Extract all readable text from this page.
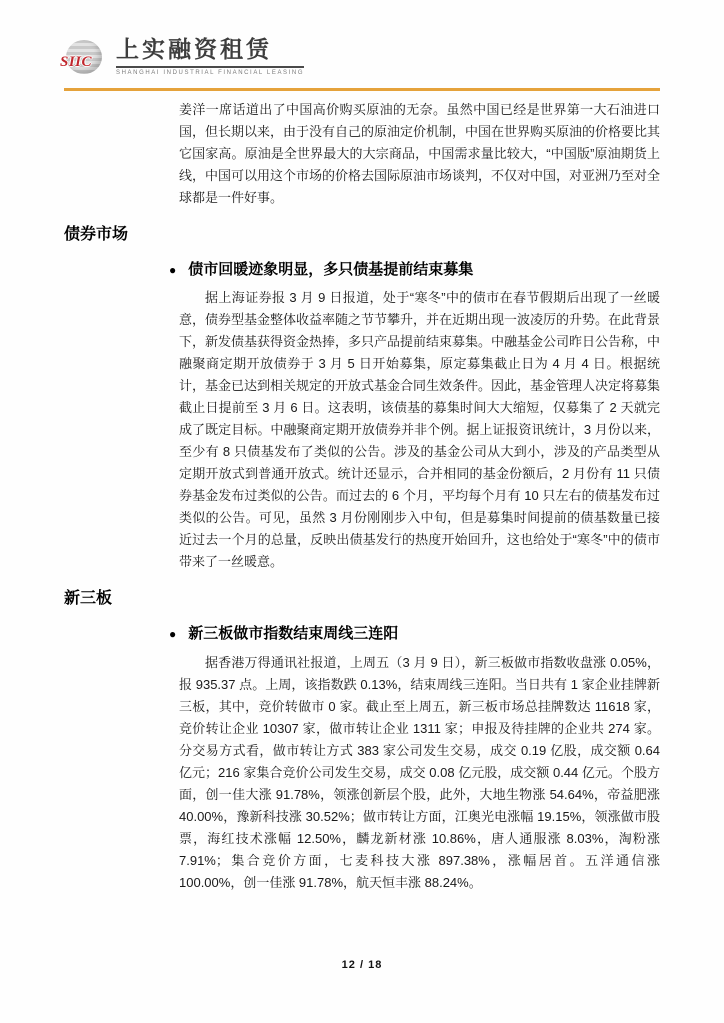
SIIC 上实融资租赁
SHANGHAI INDUSTRIAL FINANCIAL LEASING

姜洋一席话道出了中国高价购买原油的无奈。虽然中国已经是世界第一大石油进口国，但长期以来，由于没有自己的原油定价机制，中国在世界购买原油的价格要比其它国家高。原油是全世界最大的大宗商品，中国需求量比较大，“中国版”原油期货上线，中国可以用这个市场的价格去国际原油市场谈判，不仅对中国，对亚洲乃至对全球都是一件好事。

债券市场
● 债市回暖迹象明显，多只债基提前结束募集

据上海证券报 3 月 9 日报道，处于“寒冬”中的债市在春节假期后出现了一丝暖意，债券型基金整体收益率随之节节攀升，并在近期出现一波凌厉的升势。在此背景下，新发债基获得资金热捧，多只产品提前结束募集。中融基金公司昨日公告称，中融聚商定期开放债券于 3 月 5 日开始募集，原定募集截止日为 4 月 4 日。根据统计，基金已达到相关规定的开放式基金合同生效条件。因此，基金管理人决定将募集截止日提前至 3 月 6 日。这表明，该债基的募集时间大大缩短，仅募集了 2 天就完成了既定目标。中融聚商定期开放债券并非个例。据上证报资讯统计，3 月份以来，至少有 8 只债基发布了类似的公告。涉及的基金公司从大到小，涉及的产品类型从定期开放式到普通开放式。统计还显示，合并相同的基金份额后，2 月份有 11 只债券基金发布过类似的公告。而过去的 6 个月，平均每个月有 10 只左右的债基发布过类似的公告。可见，虽然 3 月份刚刚步入中旬，但是募集时间提前的债基数量已接近过去一个月的总量，反映出债基发行的热度开始回升，这也给处于“寒冬”中的债市带来了一丝暖意。

新三板
● 新三板做市指数结束周线三连阳

据香港万得通讯社报道，上周五（3 月 9 日），新三板做市指数收盘涨 0.05%，报 935.37 点。上周，该指数跌 0.13%，结束周线三连阳。当日共有 1 家企业挂牌新三板，其中，竞价转做市 0 家。截止至上周五，新三板市场总挂牌数达 11618 家，竞价转让企业 10307 家，做市转让企业 1311 家；申报及待挂牌的企业共 274 家。分交易方式看，做市转让方式 383 家公司发生交易，成交 0.19 亿股，成交额 0.64 亿元；216 家集合竞价公司发生交易，成交 0.08 亿元股，成交额 0.44 亿元。个股方面，创一佳大涨 91.78%，领涨创新层个股，此外，大地生物涨 54.64%，帝益肥涨 40.00%，豫新科技涨 30.52%；做市转让方面，江奥光电涨幅 19.15%，领涨做市股票，海红技术涨幅 12.50%，麟龙新材涨 10.86%，唐人通服涨 8.03%，淘粉涨 7.91%；集合竞价方面，七麦科技大涨 897.38%，涨幅居首。五洋通信涨 100.00%，创一佳涨 91.78%，航天恒丰涨 88.24%。

12 / 18
